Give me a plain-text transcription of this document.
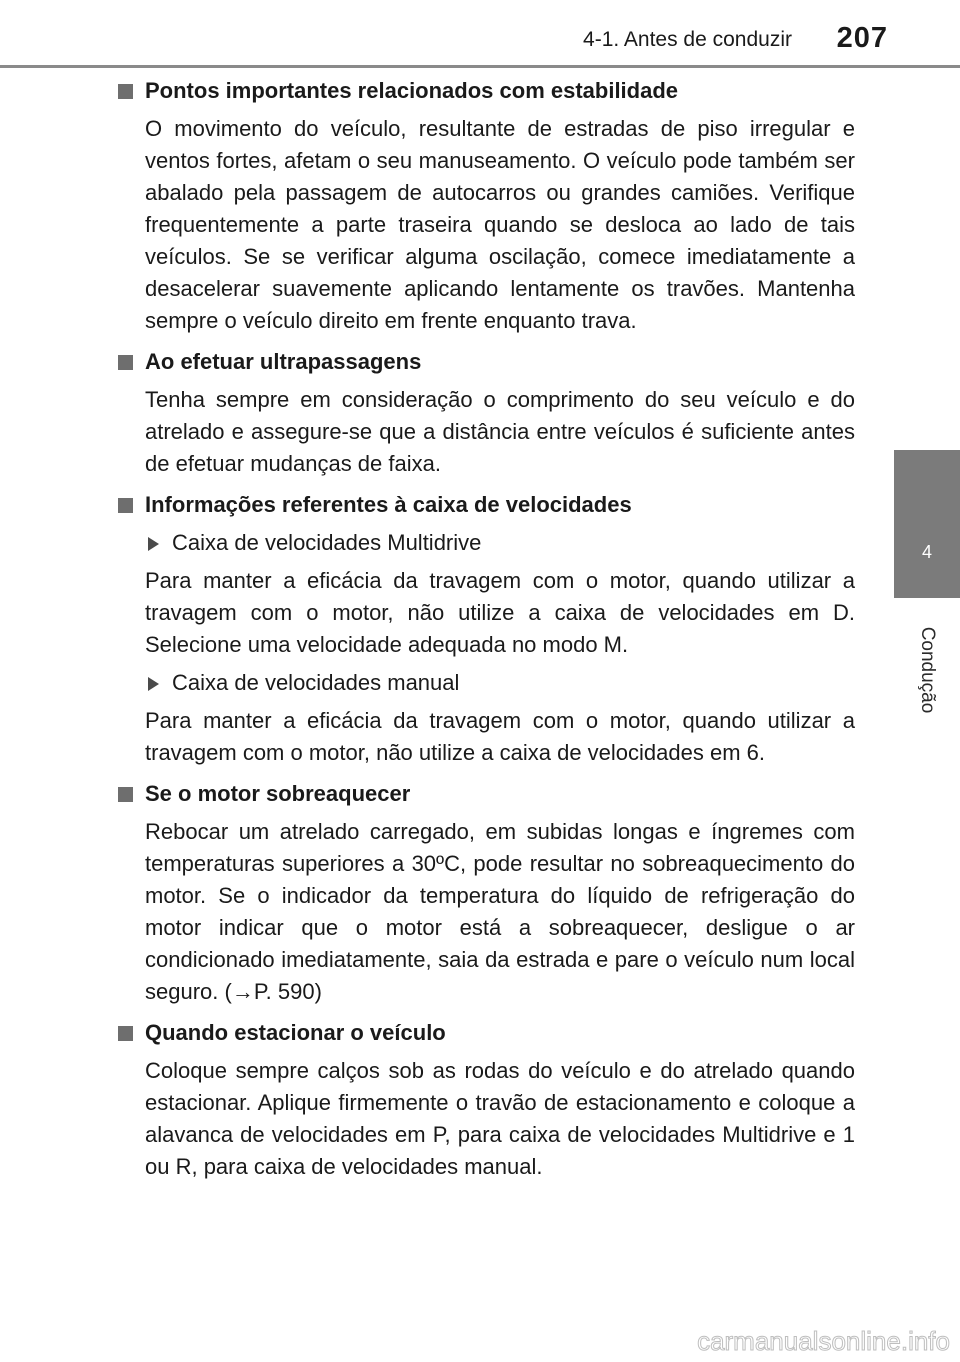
4-1. Antes de conduzir 207
4
Condução
Pontos importantes relacionados com estabilidade
O movimento do veículo, resultante de estradas de piso irregular e ventos fortes, afetam o seu manuseamento. O veículo pode também ser abalado pela passagem de autocarros ou grandes camiões. Verifique frequentemente a parte traseira quando se desloca ao lado de tais veículos. Se se verificar alguma oscilação, comece imediatamente a desacelerar suavemente aplicando lentamente os travões. Mantenha sempre o veículo direito em frente enquanto trava.
Ao efetuar ultrapassagens
Tenha sempre em consideração o comprimento do seu veículo e do atrelado e assegure-se que a distância entre veículos é suficiente antes de efetuar mudanças de faixa.
Informações referentes à caixa de velocidades
Caixa de velocidades Multidrive
Para manter a eficácia da travagem com o motor, quando utilizar a travagem com o motor, não utilize a caixa de velocidades em D. Selecione uma velocidade adequada no modo M.
Caixa de velocidades manual
Para manter a eficácia da travagem com o motor, quando utilizar a travagem com o motor, não utilize a caixa de velocidades em 6.
Se o motor sobreaquecer
Rebocar um atrelado carregado, em subidas longas e íngremes com temperaturas superiores a 30ºC, pode resultar no sobreaquecimento do motor. Se o indicador da temperatura do líquido de refrigeração do motor indicar que o motor está a sobreaquecer, desligue o ar condicionado imediatamente, saia da estrada e pare o veículo num local seguro. (→P. 590)
Quando estacionar o veículo
Coloque sempre calços sob as rodas do veículo e do atrelado quando estacionar. Aplique firmemente o travão de estacionamento e coloque a alavanca de velocidades em P, para caixa de velocidades Multidrive e 1 ou R, para caixa de velocidades manual.
carmanualsonline.info
